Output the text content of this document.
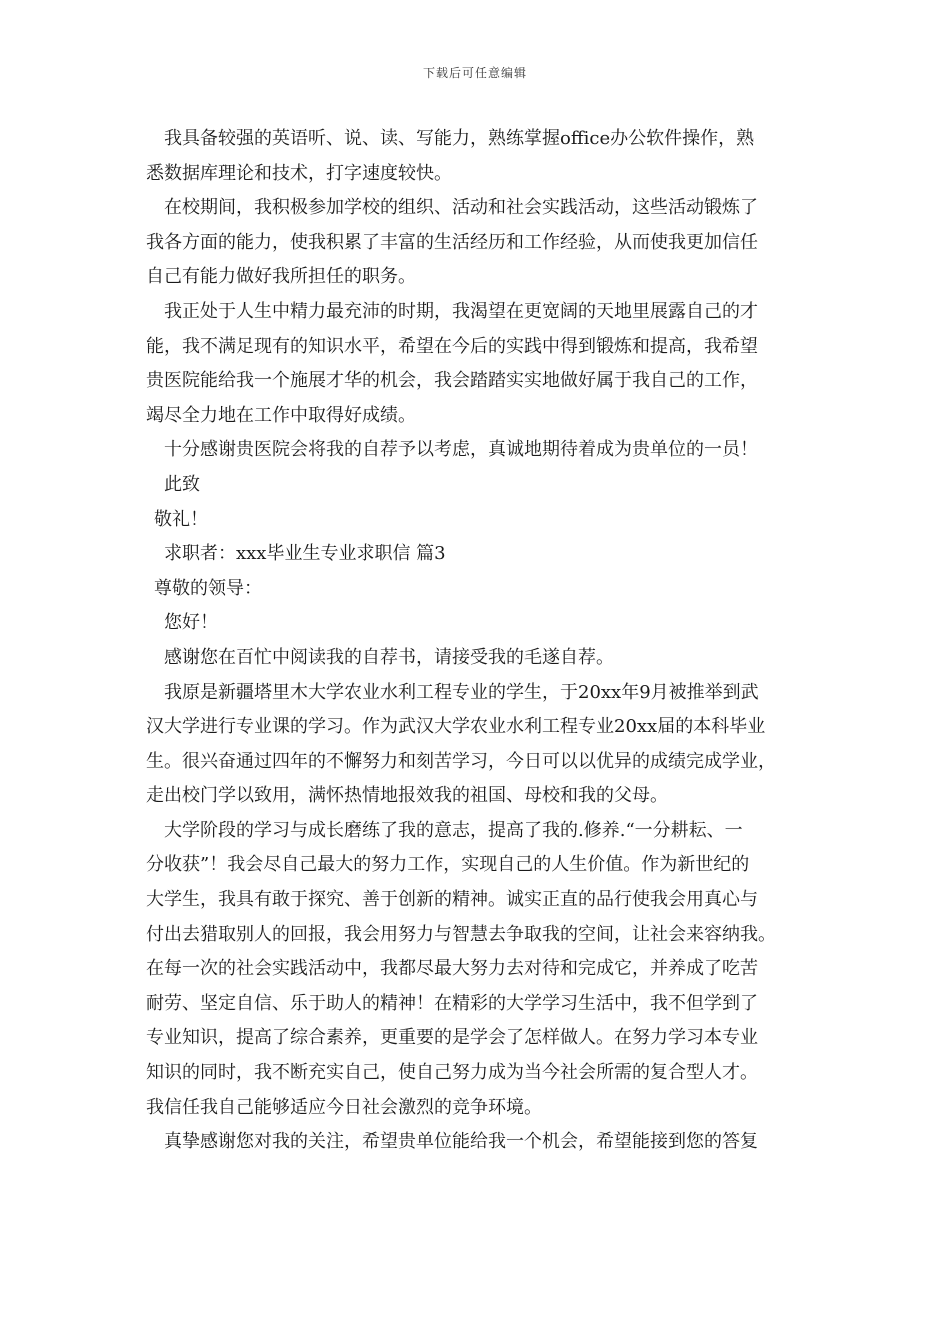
下载后可任意编辑
我具备较强的英语听、说、读、写能力，熟练掌握office办公软件操作，熟
悉数据库理论和技术，打字速度较快。
在校期间，我积极参加学校的组织、活动和社会实践活动，这些活动锻炼了
我各方面的能力，使我积累了丰富的生活经历和工作经验，从而使我更加信任
自己有能力做好我所担任的职务。
我正处于人生中精力最充沛的时期，我渴望在更宽阔的天地里展露自己的才
能，我不满足现有的知识水平，希望在今后的实践中得到锻炼和提高，我希望
贵医院能给我一个施展才华的机会，我会踏踏实实地做好属于我自己的工作，
竭尽全力地在工作中取得好成绩。
十分感谢贵医院会将我的自荐予以考虑，真诚地期待着成为贵单位的一员！
此致
敬礼！
求职者：xxx毕业生专业求职信 篇3
尊敬的领导：
您好！
感谢您在百忙中阅读我的自荐书，请接受我的毛遂自荐。
我原是新疆塔里木大学农业水利工程专业的学生，于20xx年9月被推举到武
汉大学进行专业课的学习。作为武汉大学农业水利工程专业20xx届的本科毕业
生。很兴奋通过四年的不懈努力和刻苦学习，今日可以以优异的成绩完成学业，
走出校门学以致用，满怀热情地报效我的祖国、母校和我的父母。
大学阶段的学习与成长磨练了我的意志，提高了我的.修养.“一分耕耘、一
分收获”！我会尽自己最大的努力工作，实现自己的人生价值。作为新世纪的
大学生，我具有敢于探究、善于创新的精神。诚实正直的品行使我会用真心与
付出去猎取别人的回报，我会用努力与智慧去争取我的空间，让社会来容纳我。
在每一次的社会实践活动中，我都尽最大努力去对待和完成它，并养成了吃苦
耐劳、坚定自信、乐于助人的精神！在精彩的大学学习生活中，我不但学到了
专业知识，提高了综合素养，更重要的是学会了怎样做人。在努力学习本专业
知识的同时，我不断充实自己，使自己努力成为当今社会所需的复合型人才。
我信任我自己能够适应今日社会激烈的竞争环境。
真挚感谢您对我的关注，希望贵单位能给我一个机会，希望能接到您的答复
